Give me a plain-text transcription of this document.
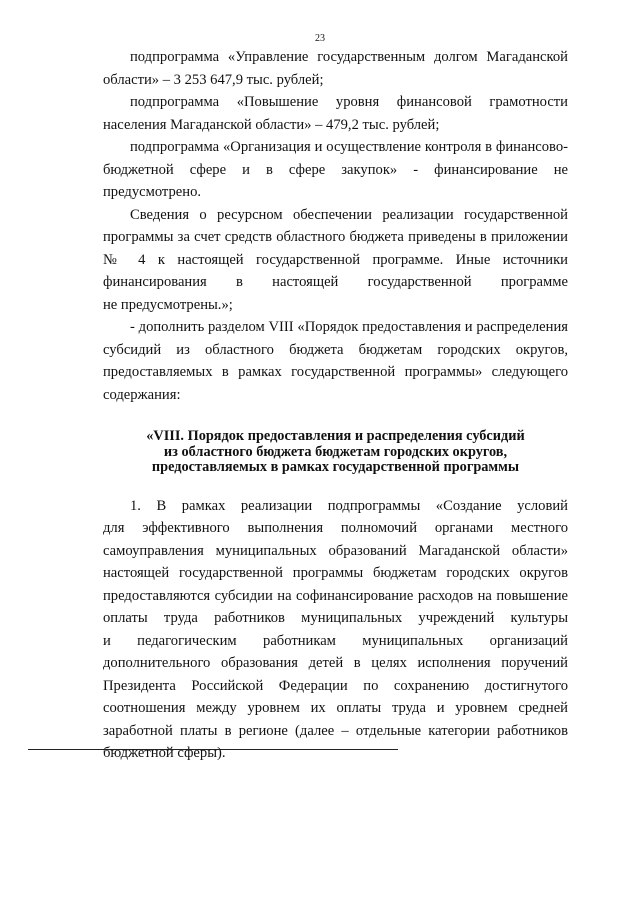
23

подпрограмма «Управление государственным долгом Магаданской

области» – 3 253 647,9 тыс. рублей;

подпрограмма «Повышение уровня финансовой грамотности

населения Магаданской области» – 479,2 тыс. рублей;

подпрограмма «Организация и осуществление контроля в финансово-

бюджетной сфере и в сфере закупок» - финансирование не предусмотрено.

Сведения о ресурсном обеспечении реализации государственной

программы за счет средств областного бюджета приведены в приложении

№ 4 к настоящей государственной программе. Иные источники

финансирования в настоящей государственной программе

не предусмотрены.»;

- дополнить разделом VIII «Порядок предоставления и распределения

субсидий из областного бюджета бюджетам городских округов,

предоставляемых в рамках государственной программы» следующего

содержания:

«VIII. Порядок предоставления и распределения субсидий
из областного бюджета бюджетам городских округов,
предоставляемых в рамках государственной программы

1. В рамках реализации подпрограммы «Создание условий

для эффективного выполнения полномочий органами местного

самоуправления муниципальных образований Магаданской области»

настоящей государственной программы бюджетам городских округов

предоставляются субсидии на софинансирование расходов на повышение

оплаты труда работников муниципальных учреждений культуры

и педагогическим работникам муниципальных организаций

дополнительного образования детей в целях исполнения поручений

Президента Российской Федерации по сохранению достигнутого

соотношения между уровнем их оплаты труда и уровнем средней

заработной платы в регионе (далее – отдельные категории работников

бюджетной сферы).
